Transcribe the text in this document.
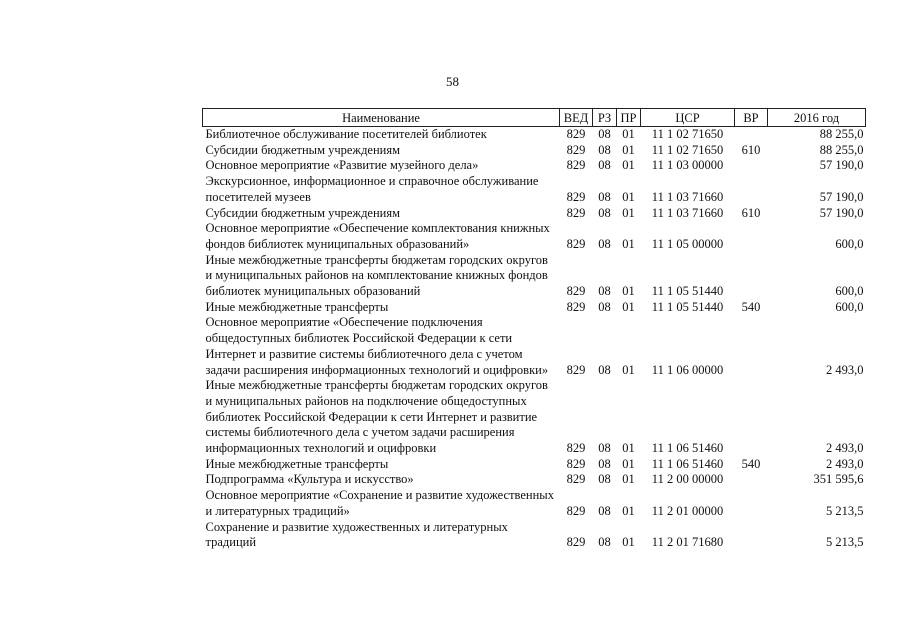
58
Наименование	ВЕД	РЗ	ПР	ЦСР	ВР	2016 год
Библиотечное обслуживание посетителей библиотек	829	08	01	11 1 02 71650		88 255,0
Субсидии бюджетным учреждениям	829	08	01	11 1 02 71650	610	88 255,0
Основное мероприятие «Развитие музейного дела»	829	08	01	11 1 03 00000		57 190,0
Экскурсионное, информационное и справочное обслуживание посетителей музеев	829	08	01	11 1 03 71660		57 190,0
Субсидии бюджетным учреждениям	829	08	01	11 1 03 71660	610	57 190,0
Основное мероприятие «Обеспечение комплектования книжных фондов библиотек муниципальных образований»	829	08	01	11 1 05 00000		600,0
Иные межбюджетные трансферты бюджетам городских округов и муниципальных районов на комплектование книжных фондов библиотек муниципальных образований	829	08	01	11 1 05 51440		600,0
Иные межбюджетные трансферты	829	08	01	11 1 05 51440	540	600,0
Основное мероприятие «Обеспечение подключения общедоступных библиотек Российской Федерации к сети Интернет и развитие системы библиотечного дела с учетом задачи расширения информационных технологий и оцифровки»	829	08	01	11 1 06 00000		2 493,0
Иные межбюджетные трансферты бюджетам городских округов и муниципальных районов на подключение общедоступных библиотек Российской Федерации к сети Интернет и развитие системы библиотечного дела с учетом задачи расширения информационных технологий и оцифровки	829	08	01	11 1 06 51460		2 493,0
Иные межбюджетные трансферты	829	08	01	11 1 06 51460	540	2 493,0
Подпрограмма «Культура и искусство»	829	08	01	11 2 00 00000		351 595,6
Основное мероприятие «Сохранение и развитие художественных и литературных традиций»	829	08	01	11 2 01 00000		5 213,5
Сохранение и развитие художественных и литературных традиций	829	08	01	11 2 01 71680		5 213,5
